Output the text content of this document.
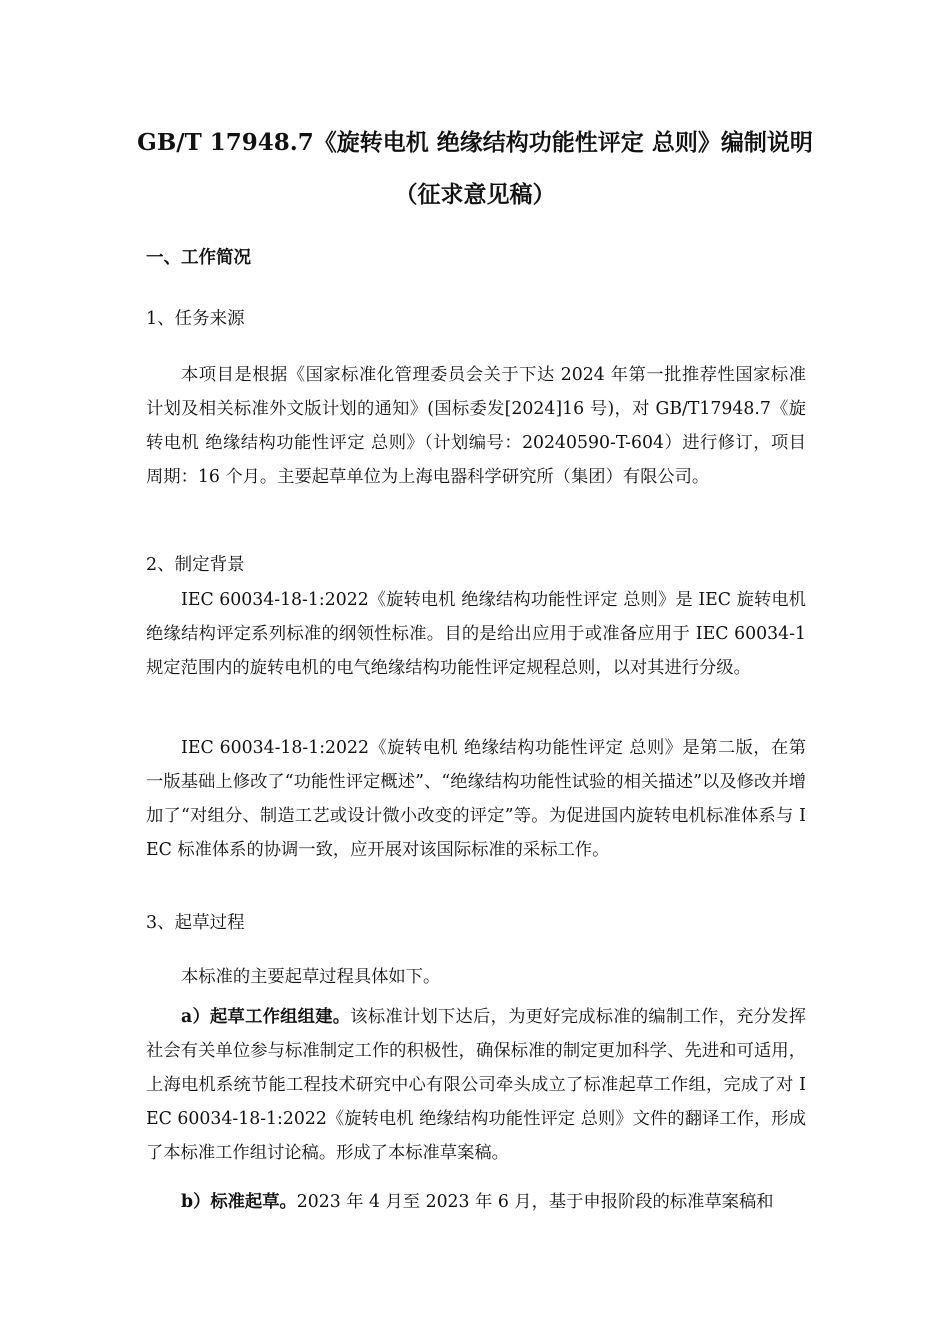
GB/T 17948.7《旋转电机 绝缘结构功能性评定 总则》编制说明
（征求意见稿）
一、工作简况
1、任务来源

本项目是根据《国家标准化管理委员会关于下达 2024 年第一批推荐性国家标准计划及相关标准外文版计划的通知》(国标委发[2024]16 号)，对 GB/T17948.7《旋转电机 绝缘结构功能性评定 总则》（计划编号：20240590-T-604）进行修订，项目周期：16 个月。主要起草单位为上海电器科学研究所（集团）有限公司。

2、制定背景

IEC 60034-18-1:2022《旋转电机 绝缘结构功能性评定 总则》是 IEC 旋转电机绝缘结构评定系列标准的纲领性标准。目的是给出应用于或准备应用于 IEC 60034-1 规定范围内的旋转电机的电气绝缘结构功能性评定规程总则，以对其进行分级。

IEC 60034-18-1:2022《旋转电机 绝缘结构功能性评定 总则》是第二版，在第一版基础上修改了“功能性评定概述”、“绝缘结构功能性试验的相关描述”以及修改并增加了“对组分、制造工艺或设计微小改变的评定”等。为促进国内旋转电机标准体系与 IEC 标准体系的协调一致，应开展对该国际标准的采标工作。

3、起草过程

本标准的主要起草过程具体如下。

a）起草工作组组建。该标准计划下达后，为更好完成标准的编制工作，充分发挥社会有关单位参与标准制定工作的积极性，确保标准的制定更加科学、先进和可适用，上海电机系统节能工程技术研究中心有限公司牵头成立了标准起草工作组，完成了对 IEC 60034-18-1:2022《旋转电机 绝缘结构功能性评定 总则》文件的翻译工作，形成了本标准工作组讨论稿。形成了本标准草案稿。

b）标准起草。2023 年 4 月至 2023 年 6 月，基于申报阶段的标准草案稿和
